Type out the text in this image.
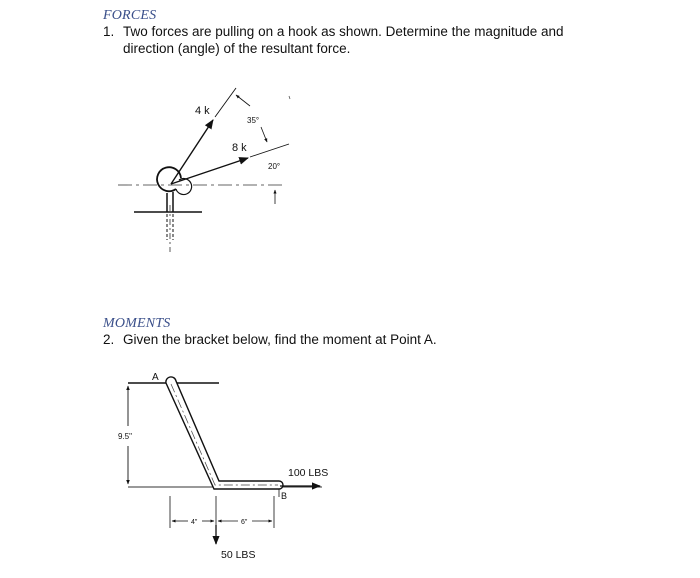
FORCES
1. Two forces are pulling on a hook as shown. Determine the magnitude and
direction (angle) of the resultant force.
MOMENTS
2. Given the bracket below, find the moment at Point A.
4 k
8 k
35°
20°
A
B
9.5"
4"	6"
100 LBS
50 LBS
